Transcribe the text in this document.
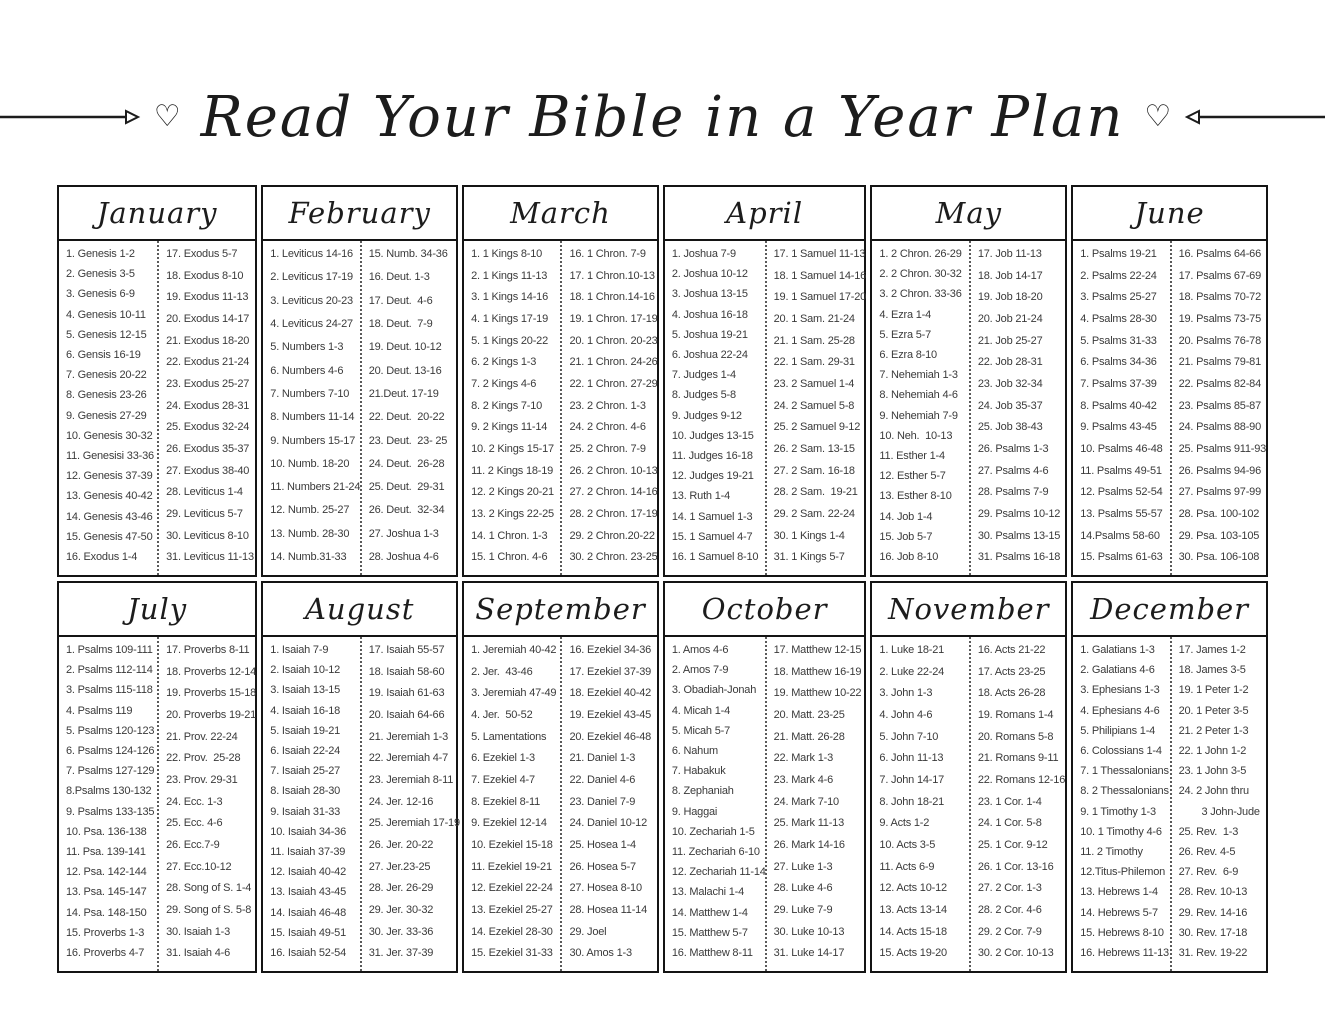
♡ Read Your Bible in a Year Plan ♡
January
1. Genesis 1-2
2. Genesis 3-5
3. Genesis 6-9
4. Genesis 10-11
5. Genesis 12-15
6. Gensis 16-19
7. Genesis 20-22
8. Genesis 23-26
9. Genesis 27-29
10. Genesis 30-32
11. Genesisi 33-36
12. Genesis 37-39
13. Genesis 40-42
14. Genesis 43-46
15. Genesis 47-50
16. Exodus 1-4
17. Exodus 5-7
18. Exodus 8-10
19. Exodus 11-13
20. Exodus 14-17
21. Exodus 18-20
22. Exodus 21-24
23. Exodus 25-27
24. Exodus 28-31
25. Exodus 32-24
26. Exodus 35-37
27. Exodus 38-40
28. Leviticus 1-4
29. Leviticus 5-7
30. Leviticus 8-10
31. Leviticus 11-13
February
1. Leviticus 14-16
2. Leviticus 17-19
3. Leviticus 20-23
4. Leviticus 24-27
5. Numbers 1-3
6. Numbers 4-6
7. Numbers 7-10
8. Numbers 11-14
9. Numbers 15-17
10. Numb. 18-20
11. Numbers 21-24
12. Numb. 25-27
13. Numb. 28-30
14. Numb.31-33
15. Numb. 34-36
16. Deut. 1-3
17. Deut.  4-6
18. Deut.  7-9
19. Deut. 10-12
20. Deut. 13-16
21.Deut. 17-19
22. Deut.  20-22
23. Deut.  23- 25
24. Deut.  26-28
25. Deut.  29-31
26. Deut.  32-34
27. Joshua 1-3
28. Joshua 4-6
March
1. 1 Kings 8-10
2. 1 Kings 11-13
3. 1 Kings 14-16
4. 1 Kings 17-19
5. 1 Kings 20-22
6. 2 Kings 1-3
7. 2 Kings 4-6
8. 2 Kings 7-10
9. 2 Kings 11-14
10. 2 Kings 15-17
11. 2 Kings 18-19
12. 2 Kings 20-21
13. 2 Kings 22-25
14. 1 Chron. 1-3
15. 1 Chron. 4-6
16. 1 Chron. 7-9
17. 1 Chron.10-13
18. 1 Chron.14-16
19. 1 Chron. 17-19
20. 1 Chron. 20-23
21. 1 Chron. 24-26
22. 1 Chron. 27-29
23. 2 Chron. 1-3
24. 2 Chron. 4-6
25. 2 Chron. 7-9
26. 2 Chron. 10-13
27. 2 Chron. 14-16
28. 2 Chron. 17-19
29. 2 Chron.20-22
30. 2 Chron. 23-25
April
1. Joshua 7-9
2. Joshua 10-12
3. Joshua 13-15
4. Joshua 16-18
5. Joshua 19-21
6. Joshua 22-24
7. Judges 1-4
8. Judges 5-8
9. Judges 9-12
10. Judges 13-15
11. Judges 16-18
12. Judges 19-21
13. Ruth 1-4
14. 1 Samuel 1-3
15. 1 Samuel 4-7
16. 1 Samuel 8-10
17. 1 Samuel 11-13
18. 1 Samuel 14-16
19. 1 Samuel 17-20
20. 1 Sam. 21-24
21. 1 Sam. 25-28
22. 1 Sam. 29-31
23. 2 Samuel 1-4
24. 2 Samuel 5-8
25. 2 Samuel 9-12
26. 2 Sam. 13-15
27. 2 Sam. 16-18
28. 2 Sam.  19-21
29. 2 Sam. 22-24
30. 1 Kings 1-4
31. 1 Kings 5-7
May
1. 2 Chron. 26-29
2. 2 Chron. 30-32
3. 2 Chron. 33-36
4. Ezra 1-4
5. Ezra 5-7
6. Ezra 8-10
7. Nehemiah 1-3
8. Nehemiah 4-6
9. Nehemiah 7-9
10. Neh.  10-13
11. Esther 1-4
12. Esther 5-7
13. Esther 8-10
14. Job 1-4
15. Job 5-7
16. Job 8-10
17. Job 11-13
18. Job 14-17
19. Job 18-20
20. Job 21-24
21. Job 25-27
22. Job 28-31
23. Job 32-34
24. Job 35-37
25. Job 38-43
26. Psalms 1-3
27. Psalms 4-6
28. Psalms 7-9
29. Psalms 10-12
30. Psalms 13-15
31. Psalms 16-18
June
1. Psalms 19-21
2. Psalms 22-24
3. Psalms 25-27
4. Psalms 28-30
5. Psalms 31-33
6. Psalms 34-36
7. Psalms 37-39
8. Psalms 40-42
9. Psalms 43-45
10. Psalms 46-48
11. Psalms 49-51
12. Psalms 52-54
13. Psalms 55-57
14.Psalms 58-60
15. Psalms 61-63
16. Psalms 64-66
17. Psalms 67-69
18. Psalms 70-72
19. Psalms 73-75
20. Psalms 76-78
21. Psalms 79-81
22. Psalms 82-84
23. Psalms 85-87
24. Psalms 88-90
25. Psalms 911-93
26. Psalms 94-96
27. Psalms 97-99
28. Psa. 100-102
29. Psa. 103-105
30. Psa. 106-108
July
1. Psalms 109-111
2. Psalms 112-114
3. Psalms 115-118
4. Psalms 119
5. Psalms 120-123
6. Psalms 124-126
7. Psalms 127-129
8.Psalms 130-132
9. Psalms 133-135
10. Psa. 136-138
11. Psa. 139-141
12. Psa. 142-144
13. Psa. 145-147
14. Psa. 148-150
15. Proverbs 1-3
16. Proverbs 4-7
17. Proverbs 8-11
18. Proverbs 12-14
19. Proverbs 15-18
20. Proverbs 19-21
21. Prov. 22-24
22. Prov.  25-28
23. Prov. 29-31
24. Ecc. 1-3
25. Ecc. 4-6
26. Ecc.7-9
27. Ecc.10-12
28. Song of S. 1-4
29. Song of S. 5-8
30. Isaiah 1-3
31. Isaiah 4-6
August
1. Isaiah 7-9
2. Isaiah 10-12
3. Isaiah 13-15
4. Isaiah 16-18
5. Isaiah 19-21
6. Isaiah 22-24
7. Isaiah 25-27
8. Isaiah 28-30
9. Isaiah 31-33
10. Isaiah 34-36
11. Isaiah 37-39
12. Isaiah 40-42
13. Isaiah 43-45
14. Isaiah 46-48
15. Isaiah 49-51
16. Isaiah 52-54
17. Isaiah 55-57
18. Isaiah 58-60
19. Isaiah 61-63
20. Isaiah 64-66
21. Jeremiah 1-3
22. Jeremiah 4-7
23. Jeremiah 8-11
24. Jer. 12-16
25. Jeremiah 17-19
26. Jer. 20-22
27. Jer.23-25
28. Jer. 26-29
29. Jer. 30-32
30. Jer. 33-36
31. Jer. 37-39
September
1. Jeremiah 40-42
2. Jer.  43-46
3. Jeremiah 47-49
4. Jer.  50-52
5. Lamentations
6. Ezekiel 1-3
7. Ezekiel 4-7
8. Ezekiel 8-11
9. Ezekiel 12-14
10. Ezekiel 15-18
11. Ezekiel 19-21
12. Ezekiel 22-24
13. Ezekiel 25-27
14. Ezekiel 28-30
15. Ezekiel 31-33
16. Ezekiel 34-36
17. Ezekiel 37-39
18. Ezekiel 40-42
19. Ezekiel 43-45
20. Ezekiel 46-48
21. Daniel 1-3
22. Daniel 4-6
23. Daniel 7-9
24. Daniel 10-12
25. Hosea 1-4
26. Hosea 5-7
27. Hosea 8-10
28. Hosea 11-14
29. Joel
30. Amos 1-3
October
1. Amos 4-6
2. Amos 7-9
3. Obadiah-Jonah
4. Micah 1-4
5. Micah 5-7
6. Nahum
7. Habakuk
8. Zephaniah
9. Haggai
10. Zechariah 1-5
11. Zechariah 6-10
12. Zechariah 11-14
13. Malachi 1-4
14. Matthew 1-4
15. Matthew 5-7
16. Matthew 8-11
17. Matthew 12-15
18. Matthew 16-19
19. Matthew 10-22
20. Matt. 23-25
21. Matt. 26-28
22. Mark 1-3
23. Mark 4-6
24. Mark 7-10
25. Mark 11-13
26. Mark 14-16
27. Luke 1-3
28. Luke 4-6
29. Luke 7-9
30. Luke 10-13
31. Luke 14-17
November
1. Luke 18-21
2. Luke 22-24
3. John 1-3
4. John 4-6
5. John 7-10
6. John 11-13
7. John 14-17
8. John 18-21
9. Acts 1-2
10. Acts 3-5
11. Acts 6-9
12. Acts 10-12
13. Acts 13-14
14. Acts 15-18
15. Acts 19-20
16. Acts 21-22
17. Acts 23-25
18. Acts 26-28
19. Romans 1-4
20. Romans 5-8
21. Romans 9-11
22. Romans 12-16
23. 1 Cor. 1-4
24. 1 Cor. 5-8
25. 1 Cor. 9-12
26. 1 Cor. 13-16
27. 2 Cor. 1-3
28. 2 Cor. 4-6
29. 2 Cor. 7-9
30. 2 Cor. 10-13
December
1. Galatians 1-3
2. Galatians 4-6
3. Ephesians 1-3
4. Ephesians 4-6
5. Philipians 1-4
6. Colossians 1-4
7. 1 Thessalonians
8. 2 Thessalonians
9. 1 Timothy 1-3
10. 1 Timothy 4-6
11. 2 Timothy
12.Titus-Philemon
13. Hebrews 1-4
14. Hebrews 5-7
15. Hebrews 8-10
16. Hebrews 11-13
17. James 1-2
18. James 3-5
19. 1 Peter 1-2
20. 1 Peter 3-5
21. 2 Peter 1-3
22. 1 John 1-2
23. 1 John 3-5
24. 2 John thru
3 John-Jude
25. Rev.  1-3
26. Rev. 4-5
27. Rev.  6-9
28. Rev. 10-13
29. Rev. 14-16
30. Rev. 17-18
31. Rev. 19-22
